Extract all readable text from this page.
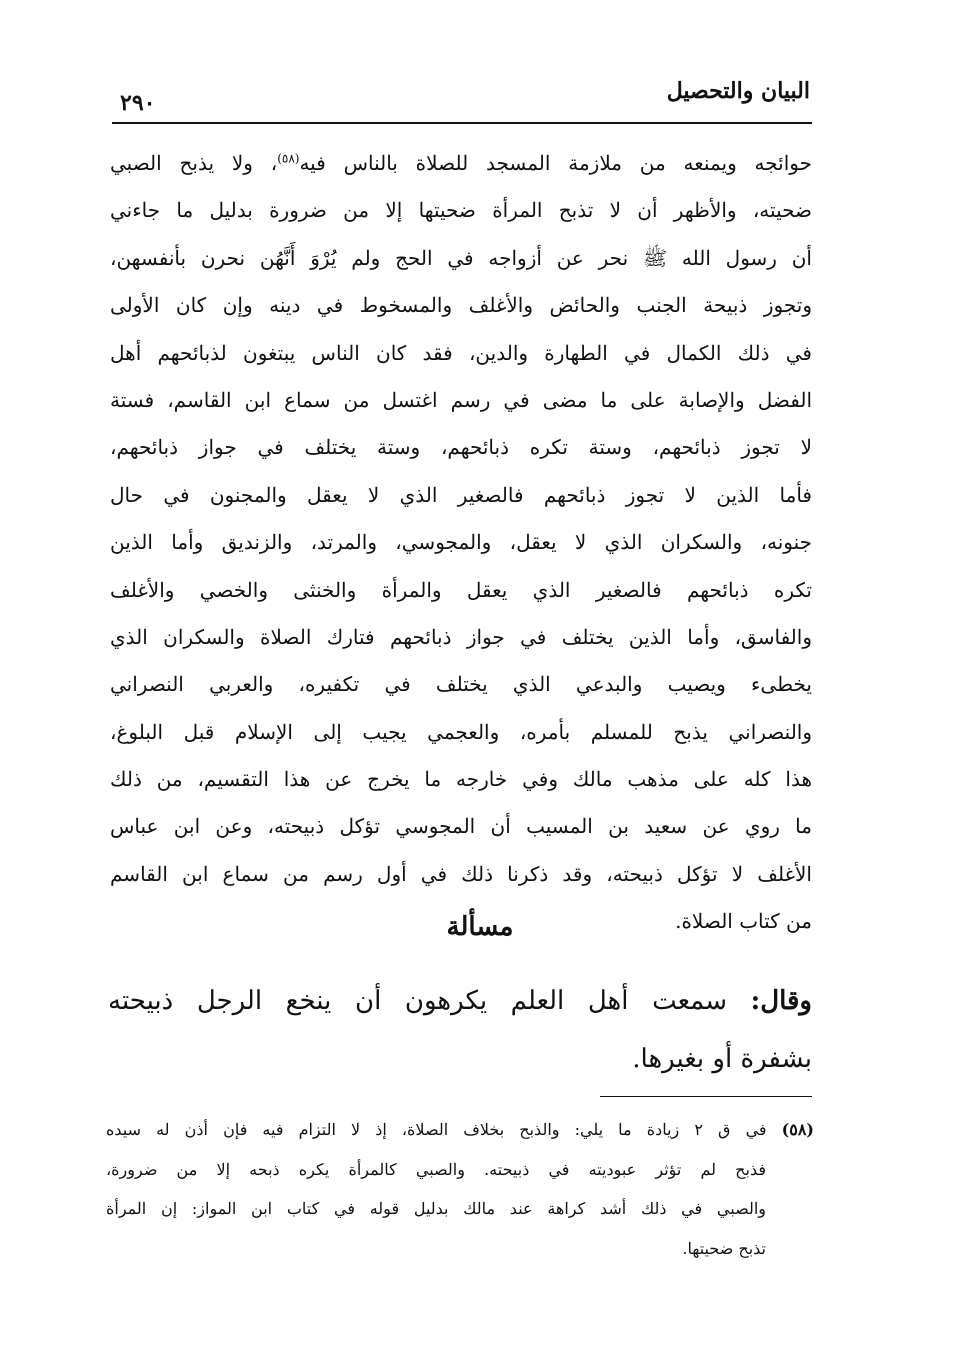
البيان والتحصيل
٢٩٠
حوائجه ويمنعه من ملازمة المسجد للصلاة بالناس فيه$^{(٥٨)}$، ولا يذبح الصبي
ضحيته، والأظهر أن لا تذبح المرأة ضحيتها إلا من ضرورة بدليل ما جاءني
أن رسول الله ﷺ نحر عن أزواجه في الحج ولم يُرْوَ أَنَّهُن نحرن بأنفسهن،
وتجوز ذبيحة الجنب والحائض والأغلف والمسخوط في دينه وإن كان الأولى
في ذلك الكمال في الطهارة والدين، فقد كان الناس يبتغون لذبائحهم أهل
الفضل والإصابة على ما مضى في رسم اغتسل من سماع ابن القاسم، فستة
لا تجوز ذبائحهم، وستة تكره ذبائحهم، وستة يختلف في جواز ذبائحهم،
فأما الذين لا تجوز ذبائحهم فالصغير الذي لا يعقل والمجنون في حال
جنونه، والسكران الذي لا يعقل، والمجوسي، والمرتد، والزنديق وأما الذين
تكره ذبائحهم فالصغير الذي يعقل والمرأة والخنثى والخصي والأغلف
والفاسق، وأما الذين يختلف في جواز ذبائحهم فتارك الصلاة والسكران الذي
يخطىء ويصيب والبدعي الذي يختلف في تكفيره، والعربي النصراني
والنصراني يذبح للمسلم بأمره، والعجمي يجيب إلى الإسلام قبل البلوغ،
هذا كله على مذهب مالك وفي خارجه ما يخرج عن هذا التقسيم، من ذلك
ما روي عن سعيد بن المسيب أن المجوسي تؤكل ذبيحته، وعن ابن عباس
الأغلف لا تؤكل ذبيحته، وقد ذكرنا ذلك في أول رسم من سماع ابن القاسم
من كتاب الصلاة.
مسألة
وقال: سمعت أهل العلم يكرهون أن ينخع الرجل ذبيحته
بشفرة أو بغيرها.
(٥٨) في ق ٢ زيادة ما يلي: والذبح بخلاف الصلاة، إذ لا التزام فيه فإن أذن له سيده
فذبح لم تؤثر عبوديته في ذبيحته. والصبي كالمرأة يكره ذبحه إلا من ضرورة،
والصبي في ذلك أشد كراهة عند مالك بدليل قوله في كتاب ابن المواز: إن المرأة
تذبح ضحيتها.
